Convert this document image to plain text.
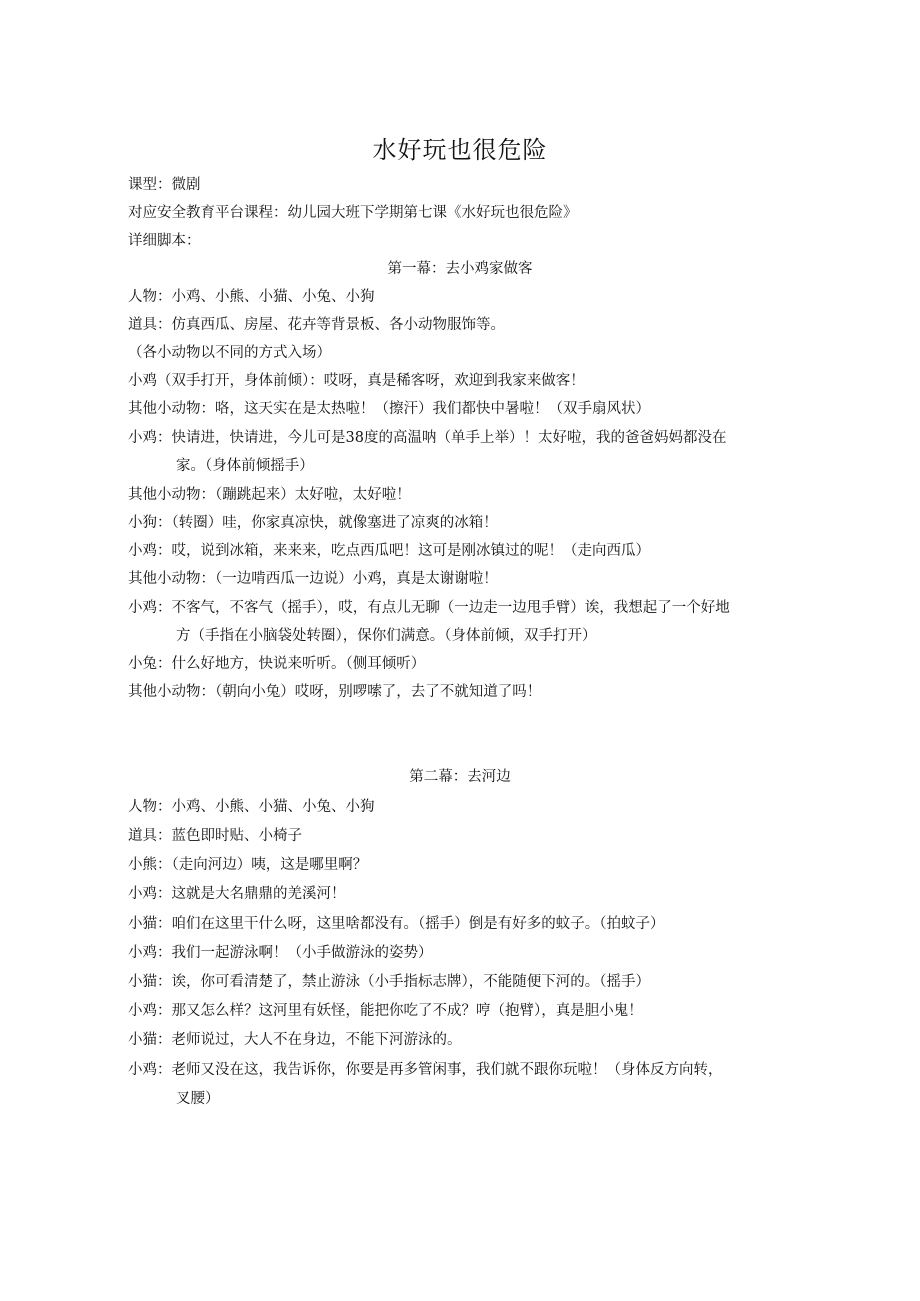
水好玩也很危险
课型：微剧
对应安全教育平台课程：幼儿园大班下学期第七课《水好玩也很危险》
详细脚本：
第一幕：去小鸡家做客
人物：小鸡、小熊、小猫、小兔、小狗
道具：仿真西瓜、房屋、花卉等背景板、各小动物服饰等。
（各小动物以不同的方式入场）
小鸡（双手打开，身体前倾）：哎呀，真是稀客呀，欢迎到我家来做客！
其他小动物：咯，这天实在是太热啦！（擦汗）我们都快中暑啦！（双手扇风状）
小鸡：快请进，快请进，今儿可是38度的高温呐（单手上举）！太好啦，我的爸爸妈妈都没在
家。（身体前倾摇手）
其他小动物：（蹦跳起来）太好啦，太好啦！
小狗：（转圈）哇，你家真凉快，就像塞进了凉爽的冰箱！
小鸡：哎，说到冰箱，来来来，吃点西瓜吧！这可是刚冰镇过的呢！（走向西瓜）
其他小动物：（一边啃西瓜一边说）小鸡，真是太谢谢啦！
小鸡：不客气，不客气（摇手），哎，有点儿无聊（一边走一边甩手臂）诶，我想起了一个好地
方（手指在小脑袋处转圈），保你们满意。（身体前倾，双手打开）
小兔：什么好地方，快说来听听。（侧耳倾听）
其他小动物：（朝向小兔）哎呀，别啰嗦了，去了不就知道了吗！
第二幕：去河边
人物：小鸡、小熊、小猫、小兔、小狗
道具：蓝色即时贴、小椅子
小熊：（走向河边）咦，这是哪里啊？
小鸡：这就是大名鼎鼎的羌溪河！
小猫：咱们在这里干什么呀，这里啥都没有。（摇手）倒是有好多的蚊子。（拍蚊子）
小鸡：我们一起游泳啊！（小手做游泳的姿势）
小猫：诶，你可看清楚了，禁止游泳（小手指标志牌），不能随便下河的。（摇手）
小鸡：那又怎么样？这河里有妖怪，能把你吃了不成？哼（抱臂），真是胆小鬼！
小猫：老师说过，大人不在身边，不能下河游泳的。
小鸡：老师又没在这，我告诉你，你要是再多管闲事，我们就不跟你玩啦！（身体反方向转，
叉腰）
